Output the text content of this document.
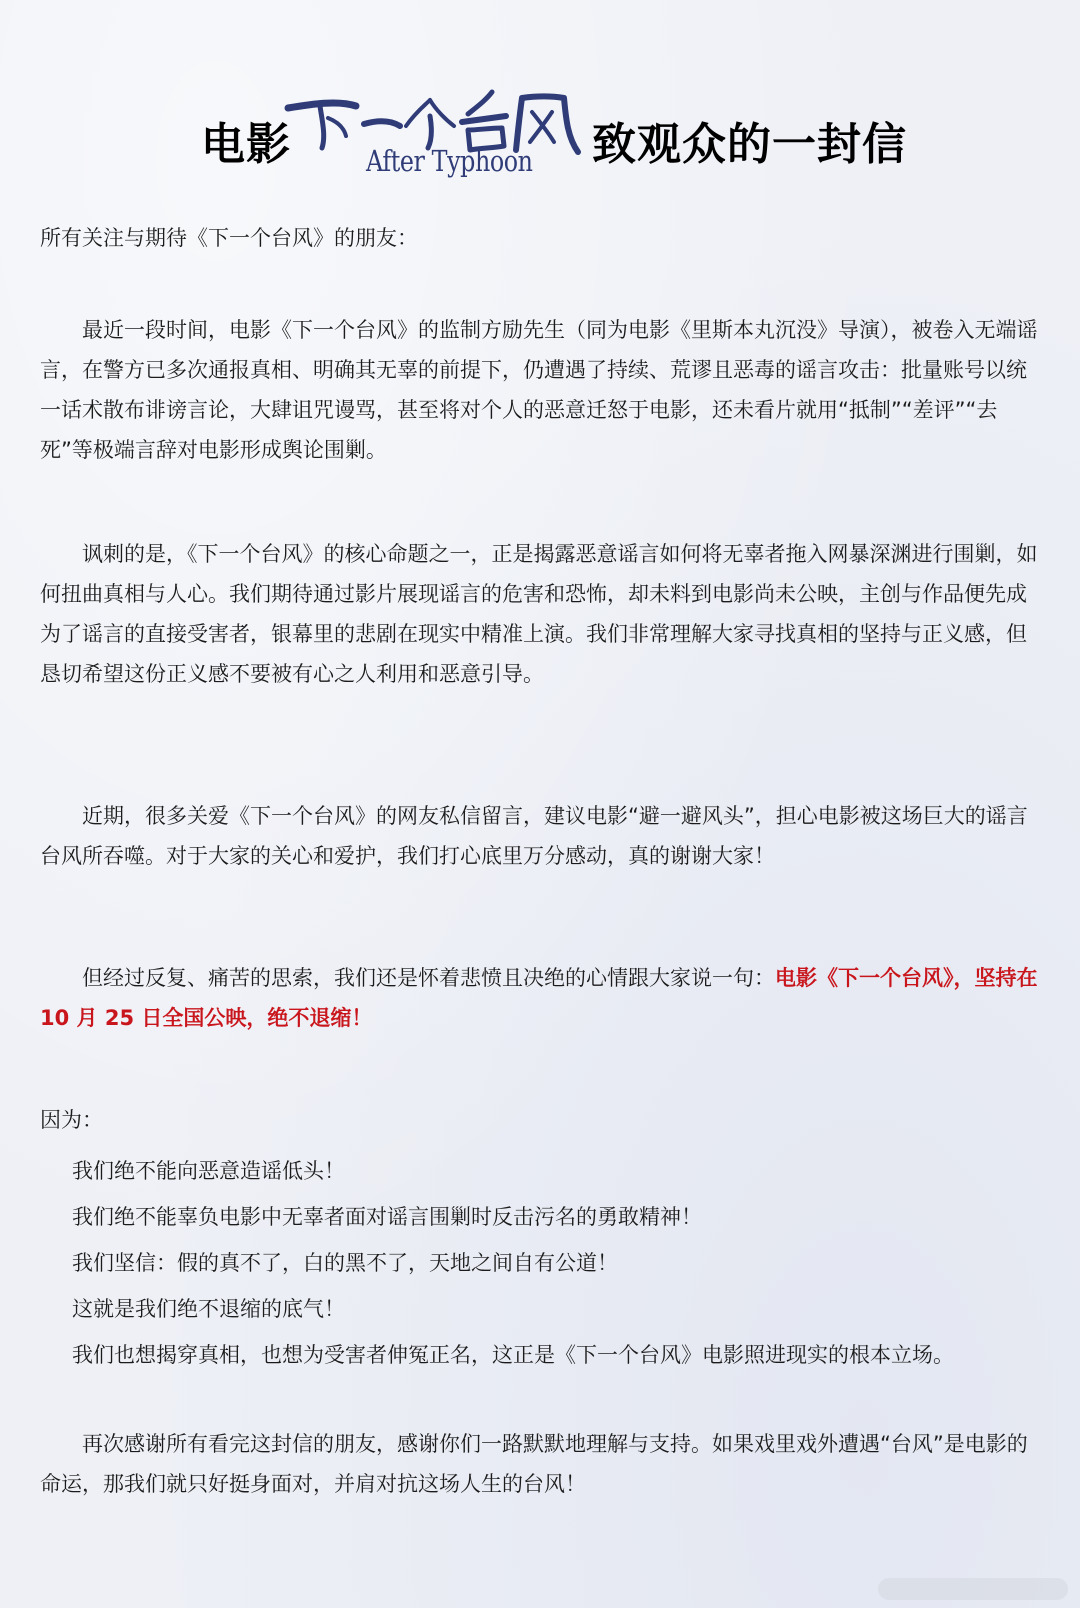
电影	After Typhoon 致观众的一封信

所有关注与期待《下一个台风》的朋友：

最近一段时间，电影《下一个台风》的监制方励先生（同为电影《里斯本丸沉没》导演），被卷入无端谣言，在警方已多次通报真相、明确其无辜的前提下，仍遭遇了持续、荒谬且恶毒的谣言攻击：批量账号以统一话术散布诽谤言论，大肆诅咒谩骂，甚至将对个人的恶意迁怒于电影，还未看片就用“抵制”“差评”“去死”等极端言辞对电影形成舆论围剿。

讽刺的是，《下一个台风》的核心命题之一，正是揭露恶意谣言如何将无辜者拖入网暴深渊进行围剿，如何扭曲真相与人心。我们期待通过影片展现谣言的危害和恐怖，却未料到电影尚未公映，主创与作品便先成为了谣言的直接受害者，银幕里的悲剧在现实中精准上演。我们非常理解大家寻找真相的坚持与正义感，但恳切希望这份正义感不要被有心之人利用和恶意引导。

近期，很多关爱《下一个台风》的网友私信留言，建议电影“避一避风头”，担心电影被这场巨大的谣言台风所吞噬。对于大家的关心和爱护，我们打心底里万分感动，真的谢谢大家！

但经过反复、痛苦的思索，我们还是怀着悲愤且决绝的心情跟大家说一句：电影《下一个台风》，坚持在 10 月 25 日全国公映，绝不退缩！

因为：

我们绝不能向恶意造谣低头！
我们绝不能辜负电影中无辜者面对谣言围剿时反击污名的勇敢精神！
我们坚信：假的真不了，白的黑不了，天地之间自有公道！
这就是我们绝不退缩的底气！
我们也想揭穿真相，也想为受害者伸冤正名，这正是《下一个台风》电影照进现实的根本立场。

再次感谢所有看完这封信的朋友，感谢你们一路默默地理解与支持。如果戏里戏外遭遇“台风”是电影的命运，那我们就只好挺身面对，并肩对抗这场人生的台风！
